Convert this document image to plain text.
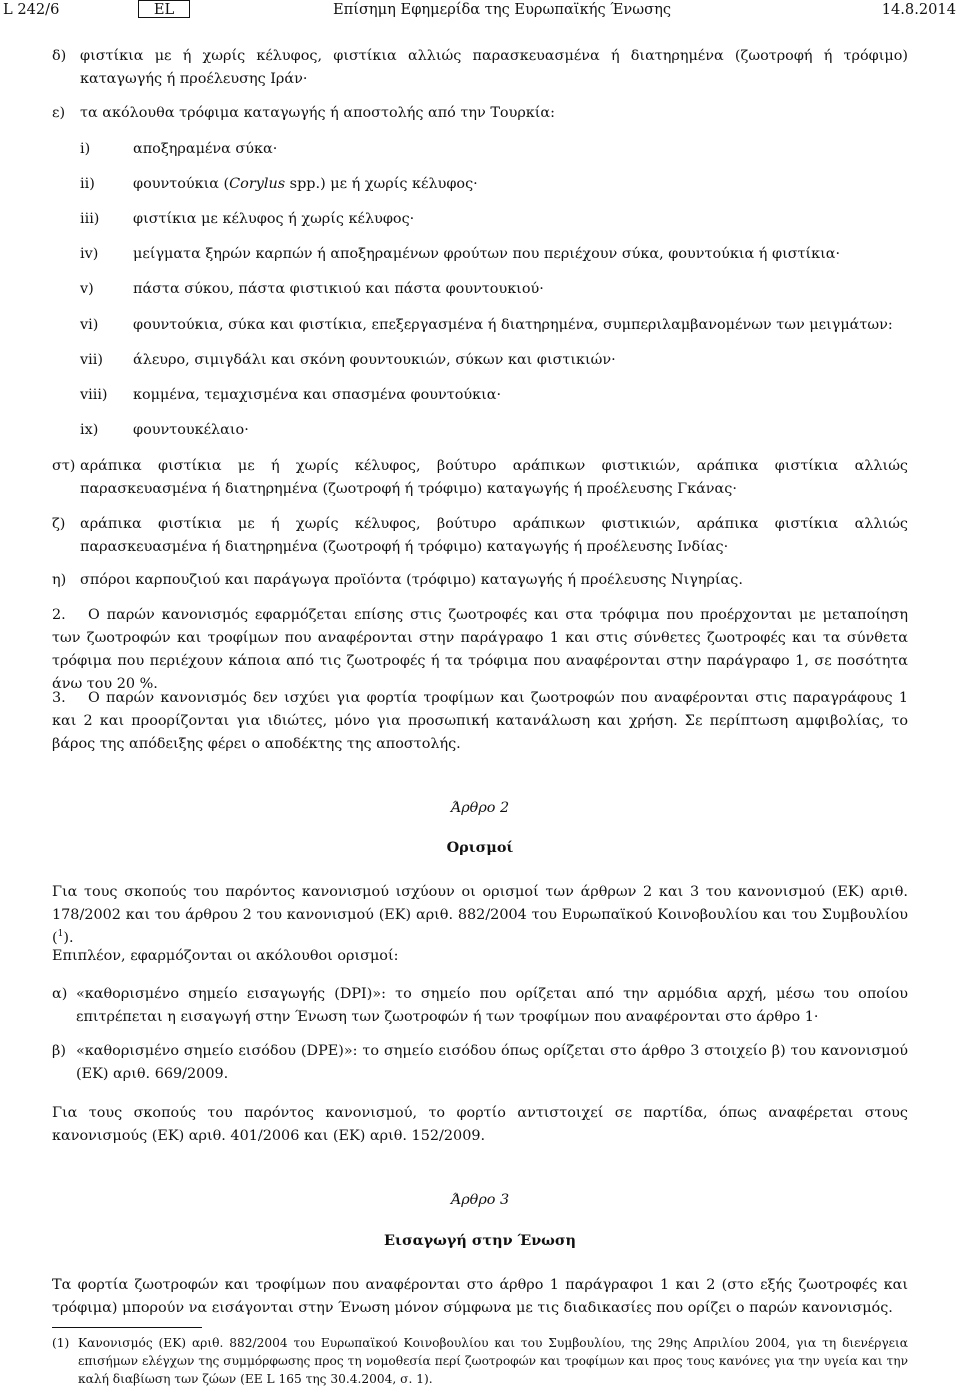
L 242/6	EL	Επίσημη Εφημερίδα της Ευρωπαϊκής Ένωσης	14.8.2014
δ) φιστίκια με ή χωρίς κέλυφος, φιστίκια αλλιώς παρασκευασμένα ή διατηρημένα (ζωοτροφή ή τρόφιμο) καταγωγής ή προέλευσης Ιράν·
ε) τα ακόλουθα τρόφιμα καταγωγής ή αποστολής από την Τουρκία:
i)	αποξηραμένα σύκα·
ii)	φουντούκια (Corylus spp.) με ή χωρίς κέλυφος·
iii) φιστίκια με κέλυφος ή χωρίς κέλυφος·
iv) μείγματα ξηρών καρπών ή αποξηραμένων φρούτων που περιέχουν σύκα, φουντούκια ή φιστίκια·
v)	πάστα σύκου, πάστα φιστικιού και πάστα φουντουκιού·
vi) φουντούκια, σύκα και φιστίκια, επεξεργασμένα ή διατηρημένα, συμπεριλαμβανομένων των μειγμάτων:
vii) άλευρο, σιμιγδάλι και σκόνη φουντουκιών, σύκων και φιστικιών·
viii) κομμένα, τεμαχισμένα και σπασμένα φουντούκια·
ix) φουντουκέλαιο·
στ) αράπικα φιστίκια με ή χωρίς κέλυφος, βούτυρο αράπικων φιστικιών, αράπικα φιστίκια αλλιώς παρασκευασμένα ή διατηρημένα (ζωοτροφή ή τρόφιμο) καταγωγής ή προέλευσης Γκάνας·
ζ) αράπικα φιστίκια με ή χωρίς κέλυφος, βούτυρο αράπικων φιστικιών, αράπικα φιστίκια αλλιώς παρασκευασμένα ή διατηρημένα (ζωοτροφή ή τρόφιμο) καταγωγής ή προέλευσης Ινδίας·
η) σπόροι καρπουζιού και παράγωγα προϊόντα (τρόφιμο) καταγωγής ή προέλευσης Νιγηρίας.
2. Ο παρών κανονισμός εφαρμόζεται επίσης στις ζωοτροφές και στα τρόφιμα που προέρχονται με μεταποίηση των ζωοτροφών και τροφίμων που αναφέρονται στην παράγραφο 1 και στις σύνθετες ζωοτροφές και τα σύνθετα τρόφιμα που περιέχουν κάποια από τις ζωοτροφές ή τα τρόφιμα που αναφέρονται στην παράγραφο 1, σε ποσότητα άνω του 20 %.
3. Ο παρών κανονισμός δεν ισχύει για φορτία τροφίμων και ζωοτροφών που αναφέρονται στις παραγράφους 1 και 2 και προορίζονται για ιδιώτες, μόνο για προσωπική κατανάλωση και χρήση. Σε περίπτωση αμφιβολίας, το βάρος της απόδειξης φέρει ο αποδέκτης της αποστολής.
Άρθρο 2
Ορισμοί
Για τους σκοπούς του παρόντος κανονισμού ισχύουν οι ορισμοί των άρθρων 2 και 3 του κανονισμού (ΕΚ) αριθ. 178/2002 και του άρθρου 2 του κανονισμού (ΕΚ) αριθ. 882/2004 του Ευρωπαϊκού Κοινοβουλίου και του Συμβουλίου ($^1$).
Επιπλέον, εφαρμόζονται οι ακόλουθοι ορισμοί:
α) «καθορισμένο σημείο εισαγωγής (DPI)»: το σημείο που ορίζεται από την αρμόδια αρχή, μέσω του οποίου επιτρέπεται η εισαγωγή στην Ένωση των ζωοτροφών ή των τροφίμων που αναφέρονται στο άρθρο 1·
β) «καθορισμένο σημείο εισόδου (DPE)»: το σημείο εισόδου όπως ορίζεται στο άρθρο 3 στοιχείο β) του κανονισμού (ΕΚ) αριθ. 669/2009.
Για τους σκοπούς του παρόντος κανονισμού, το φορτίο αντιστοιχεί σε παρτίδα, όπως αναφέρεται στους κανονισμούς (ΕΚ) αριθ. 401/2006 και (ΕΚ) αριθ. 152/2009.
Άρθρο 3
Εισαγωγή στην Ένωση
Τα φορτία ζωοτροφών και τροφίμων που αναφέρονται στο άρθρο 1 παράγραφοι 1 και 2 (στο εξής ζωοτροφές και τρόφιμα) μπορούν να εισάγονται στην Ένωση μόνον σύμφωνα με τις διαδικασίες που ορίζει ο παρών κανονισμός.
(1) Κανονισμός (ΕΚ) αριθ. 882/2004 του Ευρωπαϊκού Κοινοβουλίου και του Συμβουλίου, της 29ης Απριλίου 2004, για τη διενέργεια επισήμων ελέγχων της συμμόρφωσης προς τη νομοθεσία περί ζωοτροφών και τροφίμων και προς τους κανόνες για την υγεία και την καλή διαβίωση των ζώων (ΕΕ L 165 της 30.4.2004, σ. 1).
